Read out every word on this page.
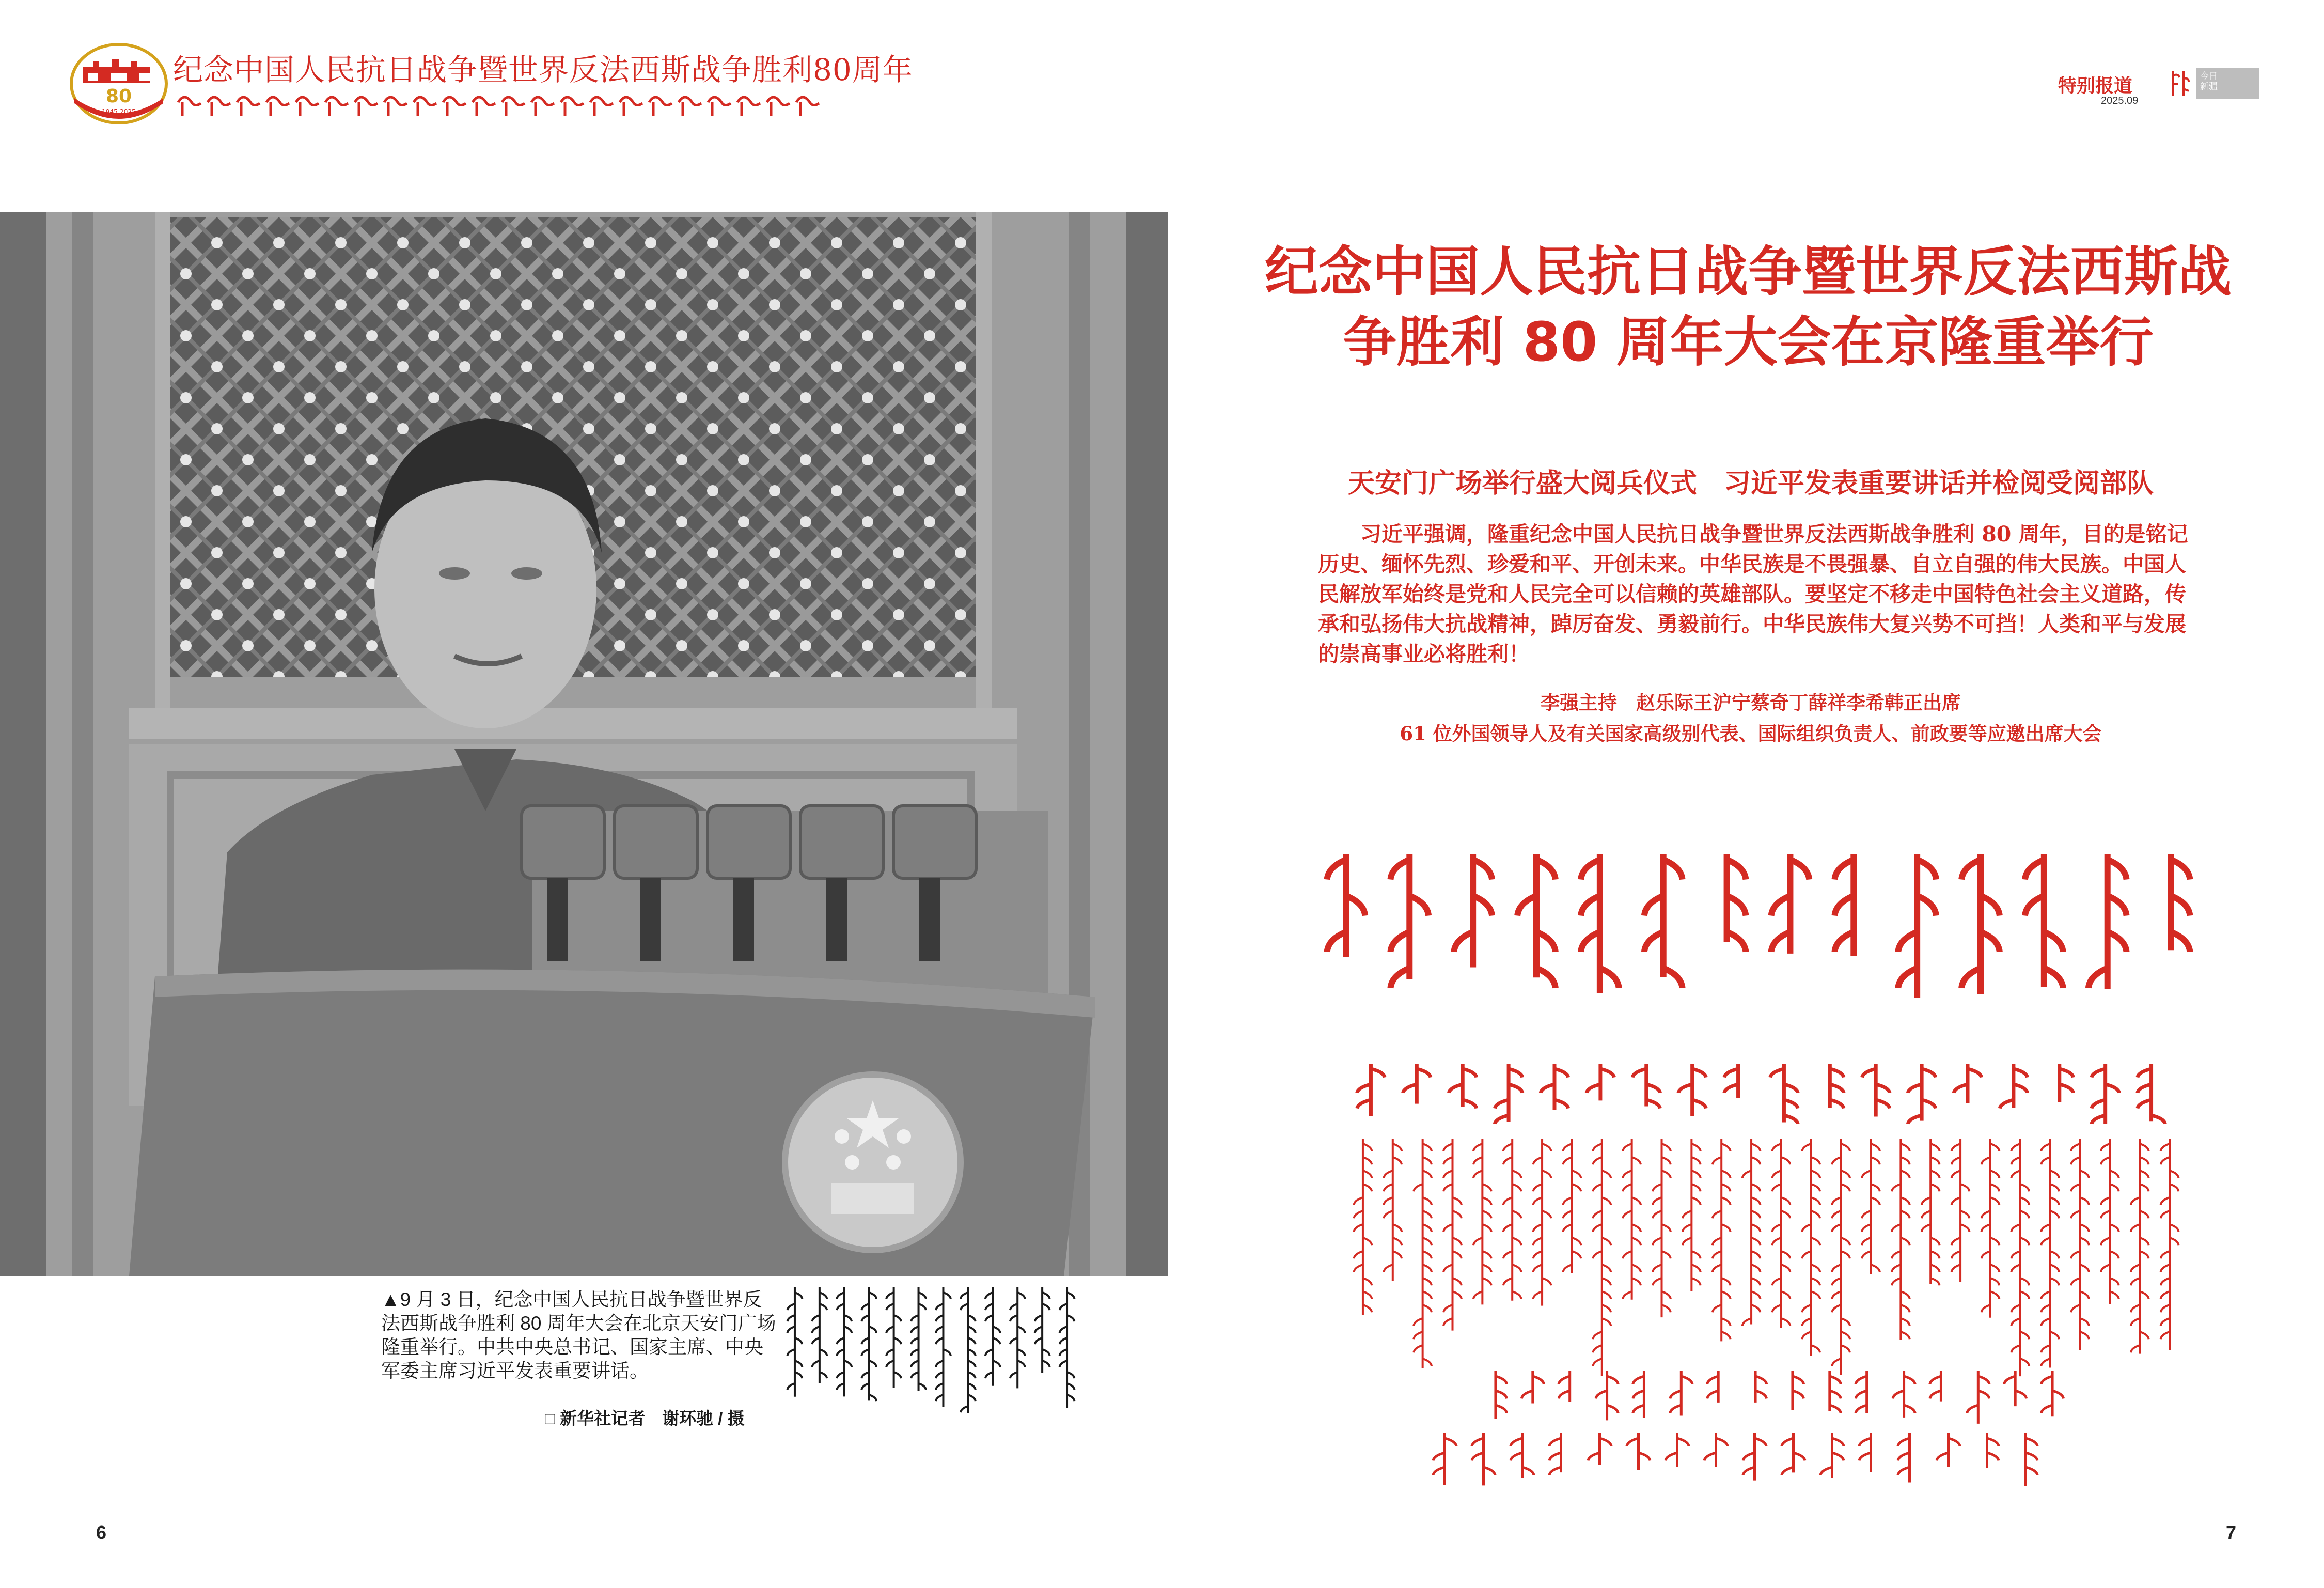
80
1945-2025
纪念中国人民抗日战争暨世界反法西斯战争胜利80周年	特别报道
2025.09
今日
新疆
▲9 月 3 日，纪念中国人民抗日战争暨世界反法西斯战争胜利 80 周年大会在北京天安门广场隆重举行。中共中央总书记、国家主席、中央军委主席习近平发表重要讲话。
□ 新华社记者　谢环驰 / 摄
纪念中国人民抗日战争暨世界反法西斯战争胜利 80 周年大会在京隆重举行
天安门广场举行盛大阅兵仪式　习近平发表重要讲话并检阅受阅部队
习近平强调，隆重纪念中国人民抗日战争暨世界反法西斯战争胜利 80 周年，目的是铭记历史、缅怀先烈、珍爱和平、开创未来。中华民族是不畏强暴、自立自强的伟大民族。中国人民解放军始终是党和人民完全可以信赖的英雄部队。要坚定不移走中国特色社会主义道路，传承和弘扬伟大抗战精神，踔厉奋发、勇毅前行。中华民族伟大复兴势不可挡！人类和平与发展的崇高事业必将胜利！
李强主持　赵乐际王沪宁蔡奇丁薛祥李希韩正出席
61 位外国领导人及有关国家高级别代表、国际组织负责人、前政要等应邀出席大会
6	7
